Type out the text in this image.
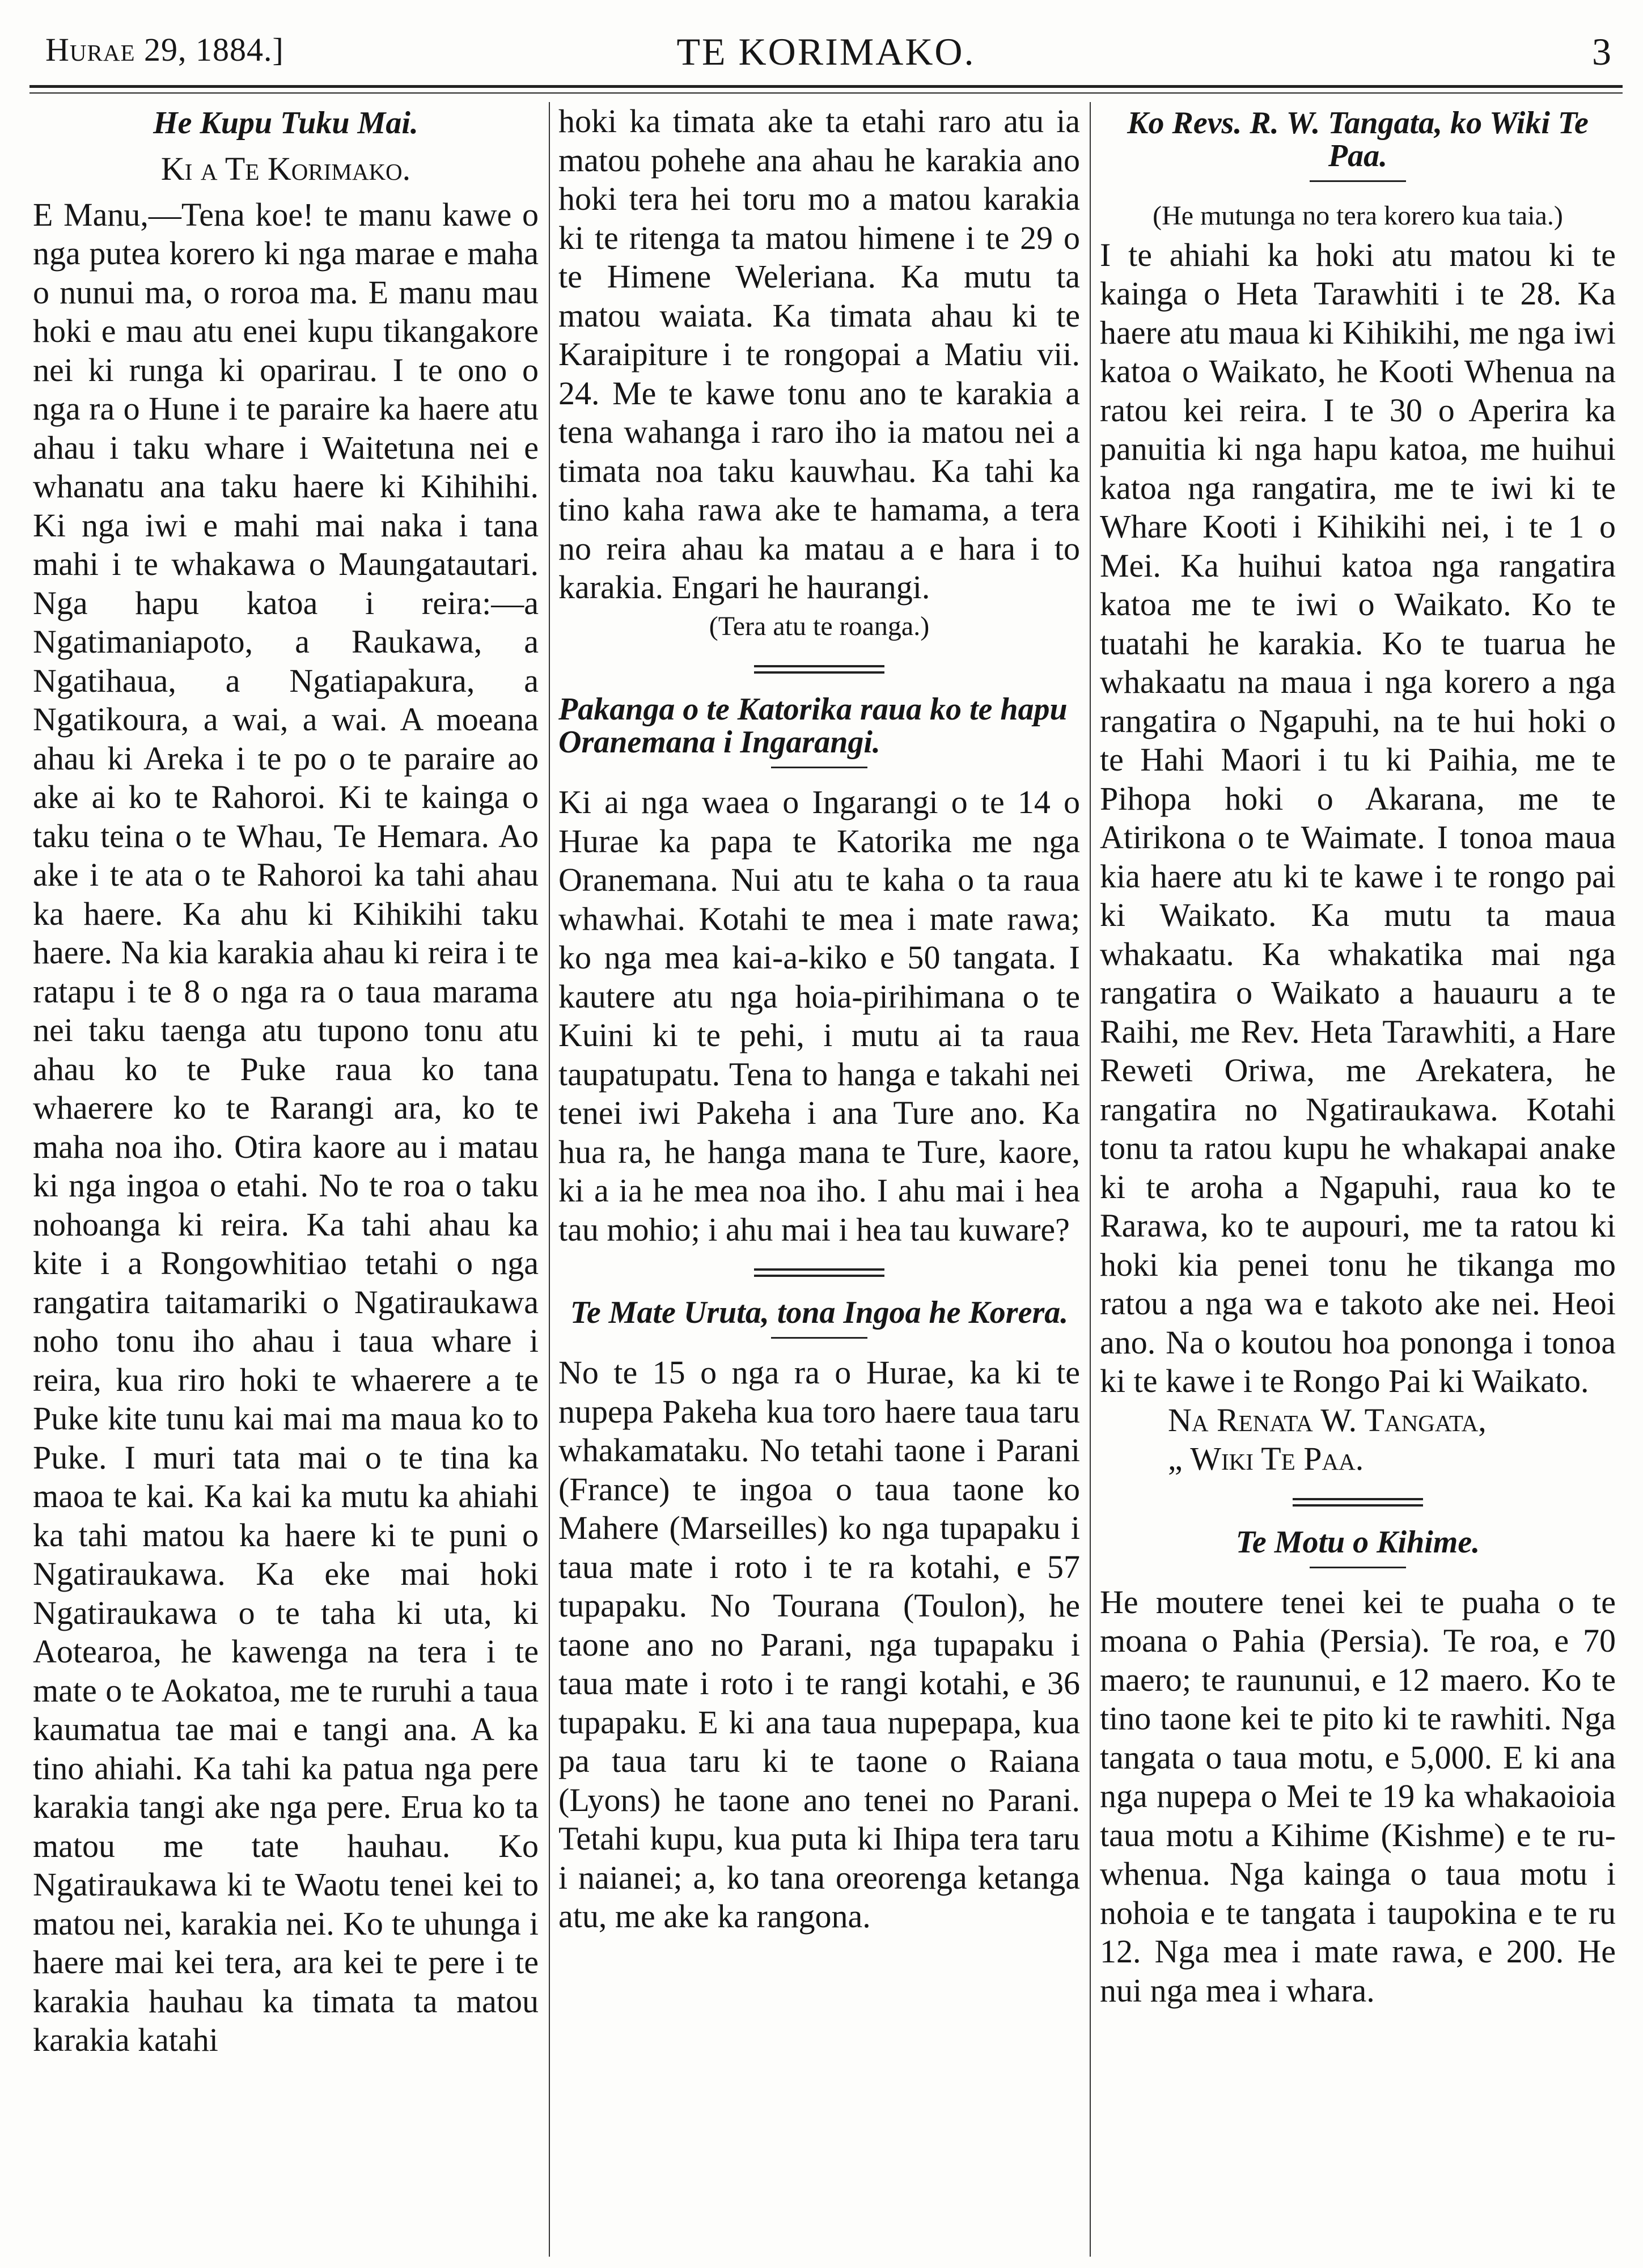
Hurae 29, 1884.]	TE KORIMAKO.	3
He Kupu Tuku Mai.

Ki a Te Korimako.

E Manu,—Tena koe! te manu kawe o nga putea korero ki nga marae e maha o nunui ma, o roroa ma. E manu mau hoki e mau atu enei kupu tikangakore nei ki runga ki oparirau. I te ono o nga ra o Hune i te paraire ka haere atu ahau i taku whare i Waitetuna nei e whanatu ana taku haere ki Kihihihi. Ki nga iwi e mahi mai naka i tana mahi i te whakawa o Maungatautari. Nga hapu katoa i reira:—a Ngatimaniapoto, a Raukawa, a Ngatihaua, a Ngatiapakura, a Ngatikoura, a wai, a wai. A moeana ahau ki Areka i te po o te paraire ao ake ai ko te Rahoroi. Ki te kainga o taku teina o te Whau, Te Hemara. Ao ake i te ata o te Rahoroi ka tahi ahau ka haere. Ka ahu ki Kihikihi taku haere. Na kia karakia ahau ki reira i te ratapu i te 8 o nga ra o taua marama nei taku taenga atu tupono tonu atu ahau ko te Puke raua ko tana whaerere ko te Rarangi ara, ko te maha noa iho. Otira kaore au i matau ki nga ingoa o etahi. No te roa o taku nohoanga ki reira. Ka tahi ahau ka kite i a Rongowhitiao tetahi o nga rangatira taitamariki o Ngatiraukawa noho tonu iho ahau i taua whare i reira, kua riro hoki te whaerere a te Puke kite tunu kai mai ma maua ko to Puke. I muri tata mai o te tina ka maoa te kai. Ka kai ka mutu ka ahiahi ka tahi matou ka haere ki te puni o Ngatiraukawa. Ka eke mai hoki Ngatiraukawa o te taha ki uta, ki Aotearoa, he kawenga na tera i te mate o te Aokatoa, me te ruruhi a taua kaumatua tae mai e tangi ana. A ka tino ahiahi. Ka tahi ka patua nga pere karakia tangi ake nga pere. Erua ko ta matou me tate hauhau. Ko Ngatiraukawa ki te Waotu tenei kei to matou nei, karakia nei. Ko te uhunga i haere mai kei tera, ara kei te pere i te karakia hauhau ka timata ta matou karakia katahi

hoki ka timata ake ta etahi raro atu ia matou pohehe ana ahau he karakia ano hoki tera hei toru mo a matou karakia ki te ritenga ta matou himene i te 29 o te Himene Weleriana. Ka mutu ta matou waiata. Ka timata ahau ki te Karaipiture i te rongopai a Matiu vii. 24. Me te kawe tonu ano te karakia a tena wahanga i raro iho ia matou nei a timata noa taku kauwhau. Ka tahi ka tino kaha rawa ake te hamama, a tera no reira ahau ka matau a e hara i to karakia. Engari he haurangi.

(Tera atu te roanga.)

Pakanga o te Katorika raua ko te hapu Oranemana i Ingarangi.

Ki ai nga waea o Ingarangi o te 14 o Hurae ka papa te Katorika me nga Oranemana. Nui atu te kaha o ta raua whawhai. Kotahi te mea i mate rawa; ko nga mea kai-a-kiko e 50 tangata. I kautere atu nga hoia-pirihimana o te Kuini ki te pehi, i mutu ai ta raua taupatupatu. Tena to hanga e takahi nei tenei iwi Pakeha i ana Ture ano. Ka hua ra, he hanga mana te Ture, kaore, ki a ia he mea noa iho. I ahu mai i hea tau mohio; i ahu mai i hea tau kuware?

Te Mate Uruta, tona Ingoa he Korera.

No te 15 o nga ra o Hurae, ka ki te nupepa Pakeha kua toro haere taua taru whakamataku. No tetahi taone i Parani (France) te ingoa o taua taone ko Mahere (Marseilles) ko nga tupapaku i taua mate i roto i te ra kotahi, e 57 tupapaku. No Tourana (Toulon), he taone ano no Parani, nga tupapaku i taua mate i roto i te rangi kotahi, e 36 tupapaku. E ki ana taua nupepapa, kua pa taua taru ki te taone o Raiana (Lyons) he taone ano tenei no Parani. Tetahi kupu, kua puta ki Ihipa tera taru i naianei; a, ko tana oreorenga ketanga atu, me ake ka rangona.

Ko Revs. R. W. Tangata, ko Wiki Te Paa.

(He mutunga no tera korero kua taia.)

I te ahiahi ka hoki atu matou ki te kainga o Heta Tarawhiti i te 28. Ka haere atu maua ki Kihikihi, me nga iwi katoa o Waikato, he Kooti Whenua na ratou kei reira. I te 30 o Aperira ka panuitia ki nga hapu katoa, me huihui katoa nga rangatira, me te iwi ki te Whare Kooti i Kihikihi nei, i te 1 o Mei. Ka huihui katoa nga rangatira katoa me te iwi o Waikato. Ko te tuatahi he karakia. Ko te tuarua he whakaatu na maua i nga korero a nga rangatira o Ngapuhi, na te hui hoki o te Hahi Maori i tu ki Paihia, me te Pihopa hoki o Akarana, me te Atirikona o te Waimate. I tonoa maua kia haere atu ki te kawe i te rongo pai ki Waikato. Ka mutu ta maua whakaatu. Ka whakatika mai nga rangatira o Waikato a hauauru a te Raihi, me Rev. Heta Tarawhiti, a Hare Reweti Oriwa, me Arekatera, he rangatira no Ngatiraukawa. Kotahi tonu ta ratou kupu he whakapai anake ki te aroha a Ngapuhi, raua ko te Rarawa, ko te aupouri, me ta ratou ki hoki kia penei tonu he tikanga mo ratou a nga wa e takoto ake nei. Heoi ano. Na o koutou hoa pononga i tonoa ki te kawe i te Rongo Pai ki Waikato.

Na Renata W. Tangata,

„ Wiki Te Paa.

Te Motu o Kihime.

He moutere tenei kei te puaha o te moana o Pahia (Persia). Te roa, e 70 maero; te raununui, e 12 maero. Ko te tino taone kei te pito ki te rawhiti. Nga tangata o taua motu, e 5,000. E ki ana nga nupepa o Mei te 19 ka whakaoioia taua motu a Kihime (Kishme) e te ru-whenua. Nga kainga o taua motu i nohoia e te tangata i taupokina e te ru 12. Nga mea i mate rawa, e 200. He nui nga mea i whara.
